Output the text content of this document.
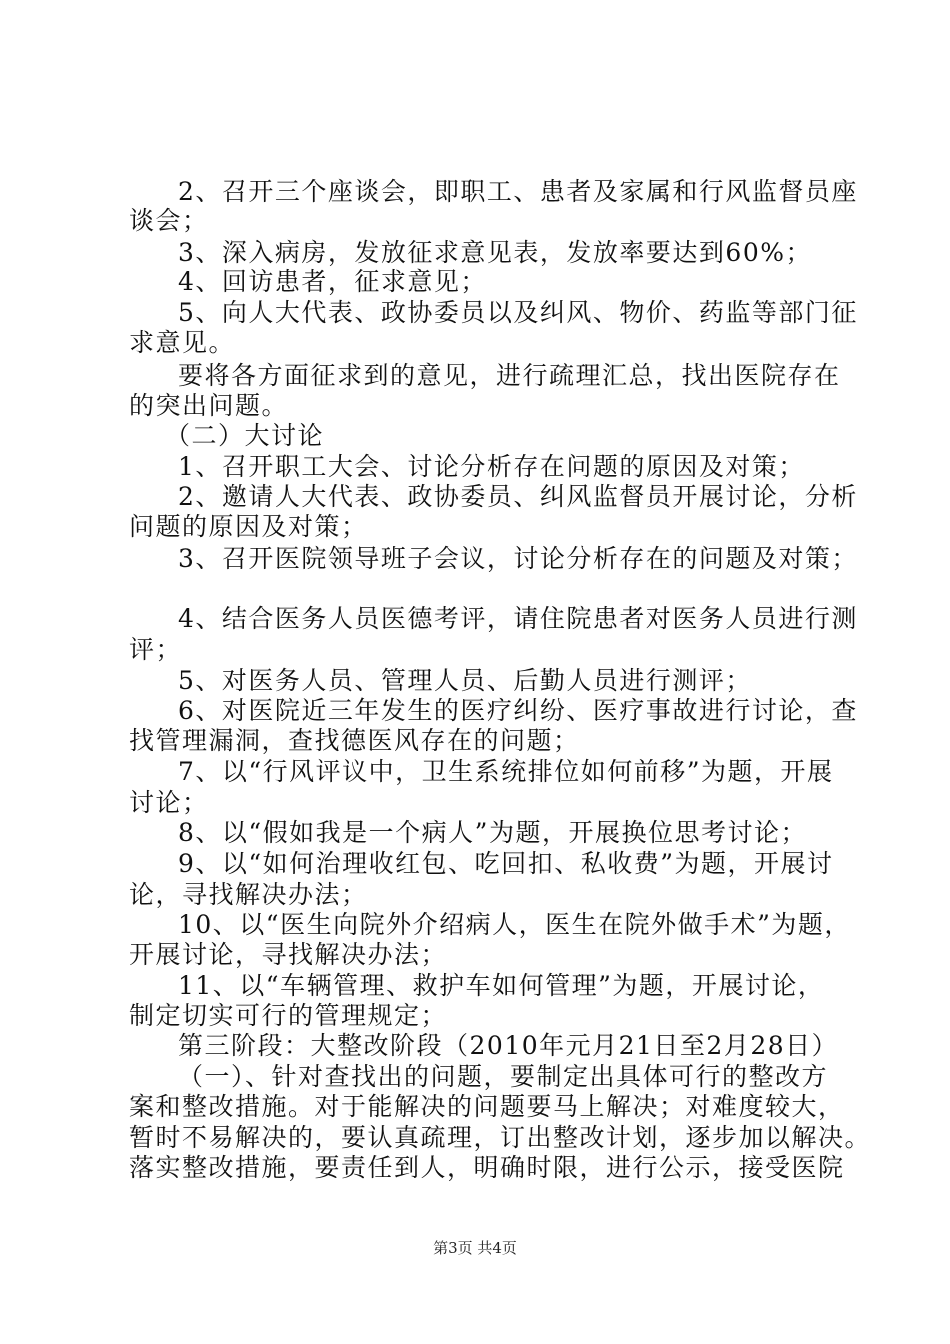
2、召开三个座谈会，即职工、患者及家属和行风监督员座
谈会；
3、深入病房，发放征求意见表，发放率要达到60%；
4、回访患者，征求意见；
5、向人大代表、政协委员以及纠风、物价、药监等部门征
求意见。
要将各方面征求到的意见，进行疏理汇总，找出医院存在
的突出问题。
（二）大讨论
1、召开职工大会、讨论分析存在问题的原因及对策；
2、邀请人大代表、政协委员、纠风监督员开展讨论，分析
问题的原因及对策；
3、召开医院领导班子会议，讨论分析存在的问题及对策；
4、结合医务人员医德考评，请住院患者对医务人员进行测
评；
5、对医务人员、管理人员、后勤人员进行测评；
6、对医院近三年发生的医疗纠纷、医疗事故进行讨论，查
找管理漏洞，查找德医风存在的问题；
7、以“行风评议中，卫生系统排位如何前移”为题，开展
讨论；
8、以“假如我是一个病人”为题，开展换位思考讨论；
9、以“如何治理收红包、吃回扣、私收费”为题，开展讨
论，寻找解决办法；
10、以“医生向院外介绍病人，医生在院外做手术”为题，
开展讨论，寻找解决办法；
11、以“车辆管理、救护车如何管理”为题，开展讨论，
制定切实可行的管理规定；
第三阶段：大整改阶段（2010年元月21日至2月28日）
（一）、针对查找出的问题，要制定出具体可行的整改方
案和整改措施。对于能解决的问题要马上解决；对难度较大，
暂时不易解决的，要认真疏理，订出整改计划，逐步加以解决。
落实整改措施，要责任到人，明确时限，进行公示，接受医院
第3页 共4页
